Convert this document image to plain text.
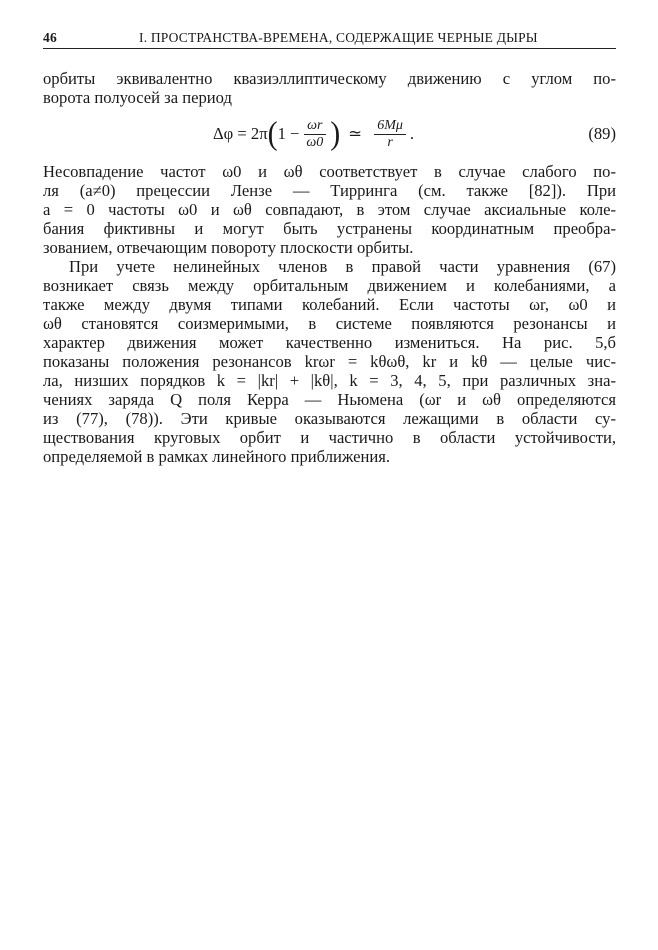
46	I. ПРОСТРАНСТВА-ВРЕМЕНА, СОДЕРЖАЩИЕ ЧЕРНЫЕ ДЫРЫ
орбиты эквивалентно квазиэллиптическому движению с углом по-
ворота полуосей за период
Δφ = 2π ( $1 - \frac{\omega r}{\omega 0}$ ) ≃ $\frac{6M\mu}{r}$ .	(89)
Несовпадение частот ω0 и ωθ соответствует в случае слабого по-
ля (a≠0) прецессии Лензе — Тирринга (см. также [82]). При
a = 0 частоты ω0 и ωθ совпадают, в этом случае аксиальные коле-
бания фиктивны и могут быть устранены координатным преобра-
зованием, отвечающим повороту плоскости орбиты.
При учете нелинейных членов в правой части уравнения (67)
возникает связь между орбитальным движением и колебаниями, а
также между двумя типами колебаний. Если частоты ωr, ω0 и
ωθ становятся соизмеримыми, в системе появляются резонансы и
характер движения может качественно измениться. На рис. 5,б
показаны положения резонансов krωr = kθωθ, kr и kθ — целые чис-
ла, низших порядков k = |kr| + |kθ|, k = 3, 4, 5, при различных зна-
чениях заряда Q поля Керра — Ньюмена (ωr и ωθ определяются
из (77), (78)). Эти кривые оказываются лежащими в области су-
ществования круговых орбит и частично в области устойчивости,
определяемой в рамках линейного приближения.
